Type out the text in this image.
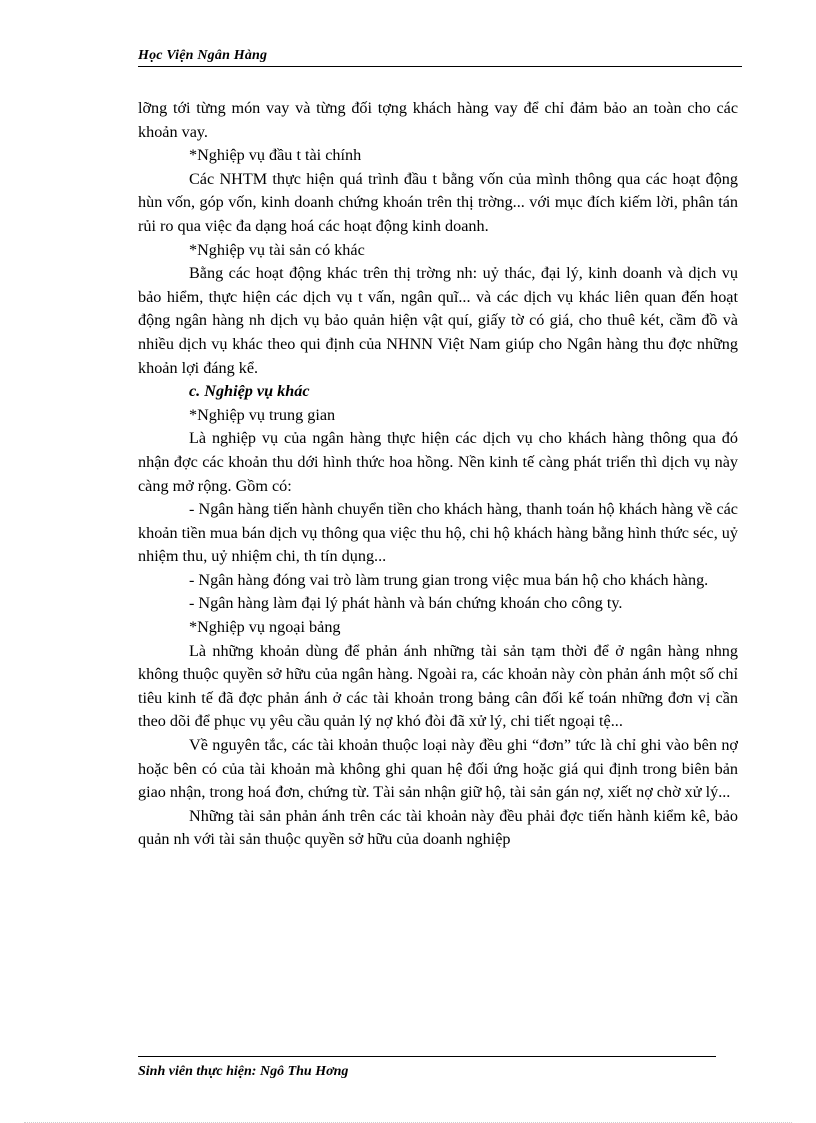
Học Viện Ngân Hàng

lỡng tới từng món vay và từng đối tợng khách hàng vay để chỉ đảm bảo an toàn cho các khoản vay.

*Nghiệp vụ đầu t tài chính

Các NHTM thực hiện quá trình đầu t bằng vốn của mình thông qua các hoạt động hùn vốn, góp vốn, kinh doanh chứng khoán trên thị trờng... với mục đích kiếm lời, phân tán rủi ro qua việc đa dạng hoá các hoạt động kinh doanh.

*Nghiệp vụ tài sản có khác

Bằng các hoạt động khác trên thị trờng nh: uỷ thác, đại lý, kinh doanh và dịch vụ bảo hiểm, thực hiện các dịch vụ t vấn, ngân quĩ... và các dịch vụ khác liên quan đến hoạt động ngân hàng nh dịch vụ bảo quản hiện vật quí, giấy tờ có giá, cho thuê két, cầm đồ và nhiều dịch vụ khác theo qui định của NHNN Việt Nam giúp cho Ngân hàng thu đợc những khoản lợi đáng kể.

c. Nghiệp vụ khác

*Nghiệp vụ trung gian

Là nghiệp vụ của ngân hàng thực hiện các dịch vụ cho khách hàng thông qua đó nhận đợc các khoản thu dới hình thức hoa hồng. Nền kinh tế càng phát triển thì dịch vụ này càng mở rộng. Gồm có:

- Ngân hàng tiến hành chuyển tiền cho khách hàng, thanh toán hộ khách hàng về các khoản tiền mua bán dịch vụ thông qua việc thu hộ, chi hộ khách hàng bằng hình thức séc, uỷ nhiệm thu, uỷ nhiệm chi, th tín dụng...

- Ngân hàng đóng vai trò làm trung gian trong việc mua bán hộ cho khách hàng.

- Ngân hàng làm đại lý phát hành và bán chứng khoán cho công ty.

*Nghiệp vụ ngoại bảng

Là những khoản dùng để phản ánh những tài sản tạm thời để ở ngân hàng nhng không thuộc quyền sở hữu của ngân hàng. Ngoài ra, các khoản này còn phản ánh một số chỉ tiêu kinh tế đã đợc phản ánh ở các tài khoản trong bảng cân đối kế toán những đơn vị cần theo dõi để phục vụ yêu cầu quản lý nợ khó đòi đã xử lý, chi tiết ngoại tệ...

Về nguyên tắc, các tài khoản thuộc loại này đều ghi “đơn” tức là chỉ ghi vào bên nợ hoặc bên có của tài khoản mà không ghi quan hệ đối ứng hoặc giá qui định trong biên bản giao nhận, trong hoá đơn, chứng từ. Tài sản nhận giữ hộ, tài sản gán nợ, xiết nợ chờ xử lý...

Những tài sản phản ánh trên các tài khoản này đều phải đợc tiến hành kiểm kê, bảo quản nh với tài sản thuộc quyền sở hữu của doanh nghiệp

Sinh viên thực hiện: Ngô Thu Hơng
